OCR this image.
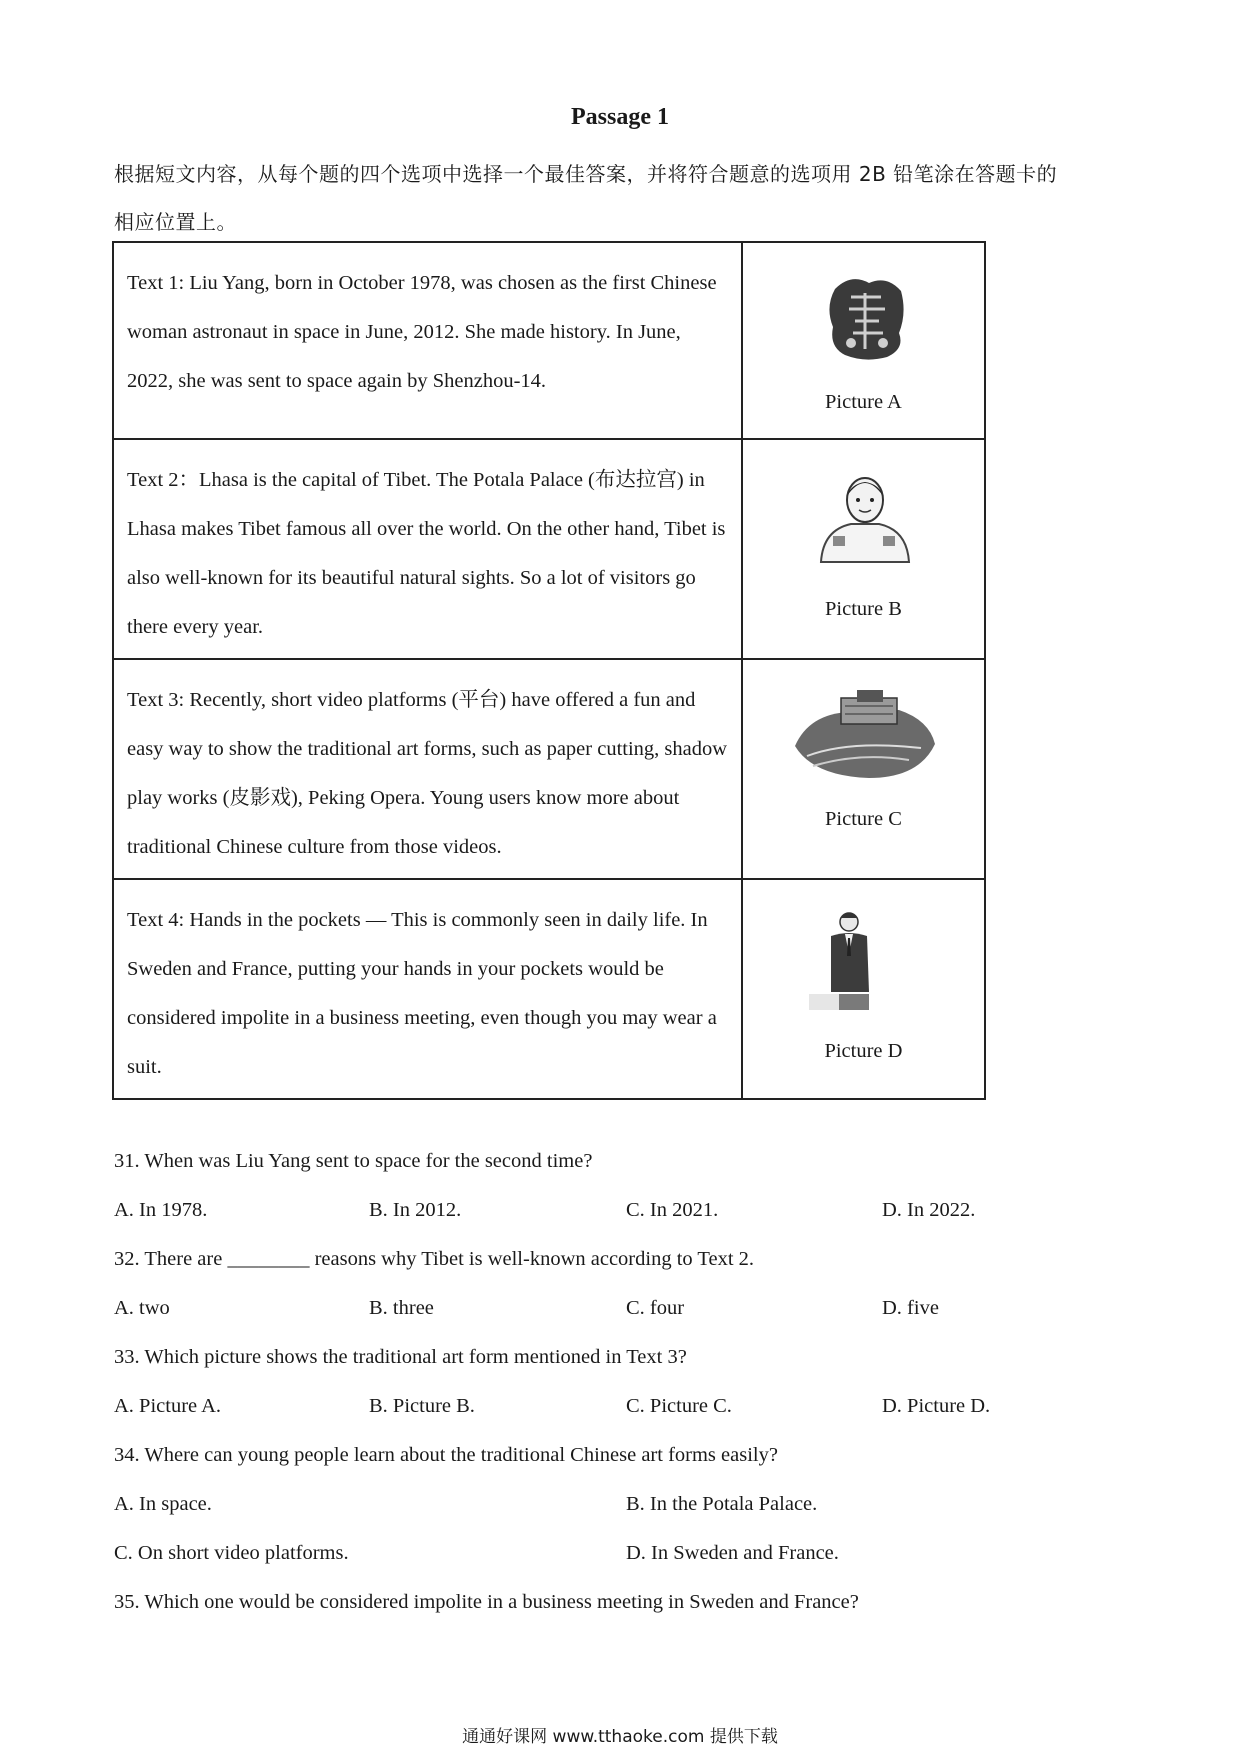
Passage 1
根据短文内容，从每个题的四个选项中选择一个最佳答案，并将符合题意的选项用 2B 铅笔涂在答题卡的
相应位置上。
Text 1: Liu Yang, born in October 1978, was chosen as the first Chinese woman astronaut in space in June, 2012. She made history. In June, 2022, she was sent to space again by Shenzhou-14.	Picture A

Text 2：Lhasa is the capital of Tibet. The Potala Palace (布达拉宫) in Lhasa makes Tibet famous all over the world. On the other hand, Tibet is also well-known for its beautiful natural sights. So a lot of visitors go there every year.	Picture B

Text 3: Recently, short video platforms (平台) have offered a fun and easy way to show the traditional art forms, such as paper cutting, shadow play works (皮影戏), Peking Opera. Young users know more about traditional Chinese culture from those videos.	Picture C

Text 4: Hands in the pockets — This is commonly seen in daily life. In Sweden and France, putting your hands in your pockets would be considered impolite in a business meeting, even though you may wear a suit.	Picture D
31. When was Liu Yang sent to space for the second time?
A. In 1978.	B. In 2012.	C. In 2021.	D. In 2022.
32. There are ________ reasons why Tibet is well-known according to Text 2.
A. two	B. three	C. four	D. five
33. Which picture shows the traditional art form mentioned in Text 3?
A. Picture A.	B. Picture B.	C. Picture C.	D. Picture D.
34. Where can young people learn about the traditional Chinese art forms easily?
A. In space.	B. In the Potala Palace.
C. On short video platforms.	D. In Sweden and France.
35. Which one would be considered impolite in a business meeting in Sweden and France?
通通好课网 www.tthaoke.com 提供下载
